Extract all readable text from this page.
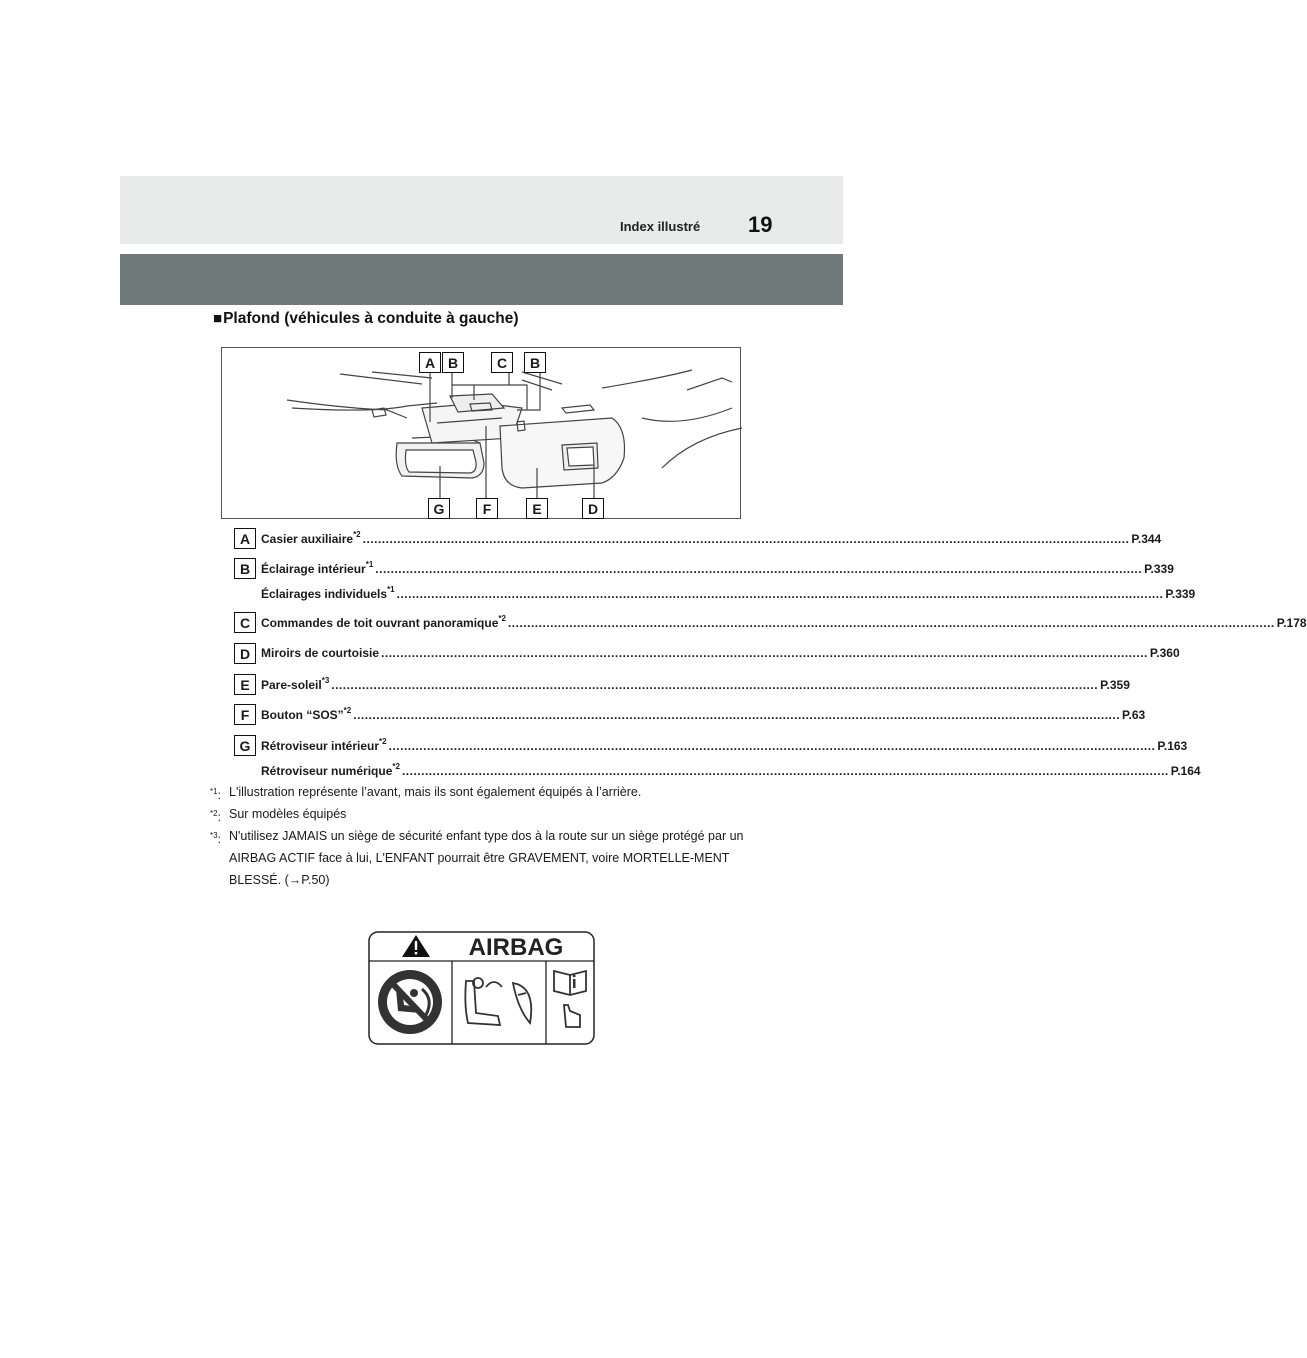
Index illustré 19
■Plafond (véhicules à conduite à gauche)
A B	C	B
G	F	E	D
A Casier auxiliaire$^{*2}$ ........................................................................................................................................................................................................ P.344
B Éclairage intérieur$^{*1}$ ........................................................................................................................................................................................................ P.339
Éclairages individuels$^{*1}$ ........................................................................................................................................................................................................ P.339
C Commandes de toit ouvrant panoramique$^{*2}$ ........................................................................................................................................................................................................ P.178
D Miroirs de courtoisie ........................................................................................................................................................................................................ P.360
E Pare-soleil$^{*3}$ ........................................................................................................................................................................................................ P.359
F Bouton “SOS”$^{*2}$ ........................................................................................................................................................................................................ P.63
G Rétroviseur intérieur$^{*2}$ ........................................................................................................................................................................................................ P.163
Rétroviseur numérique$^{*2}$ ........................................................................................................................................................................................................ P.164
$^{*1}$: L'illustration représente l’avant, mais ils sont également équipés à l’arrière.
$^{*2}$: Sur modèles équipés
$^{*3}$: N'utilisez JAMAIS un siège de sécurité enfant type dos à la route sur un siège protégé par un AIRBAG ACTIF face à lui, L'ENFANT pourrait être GRAVEMENT, voire MORTELLE-MENT BLESSÉ. (→P.50)
AIRBAG
